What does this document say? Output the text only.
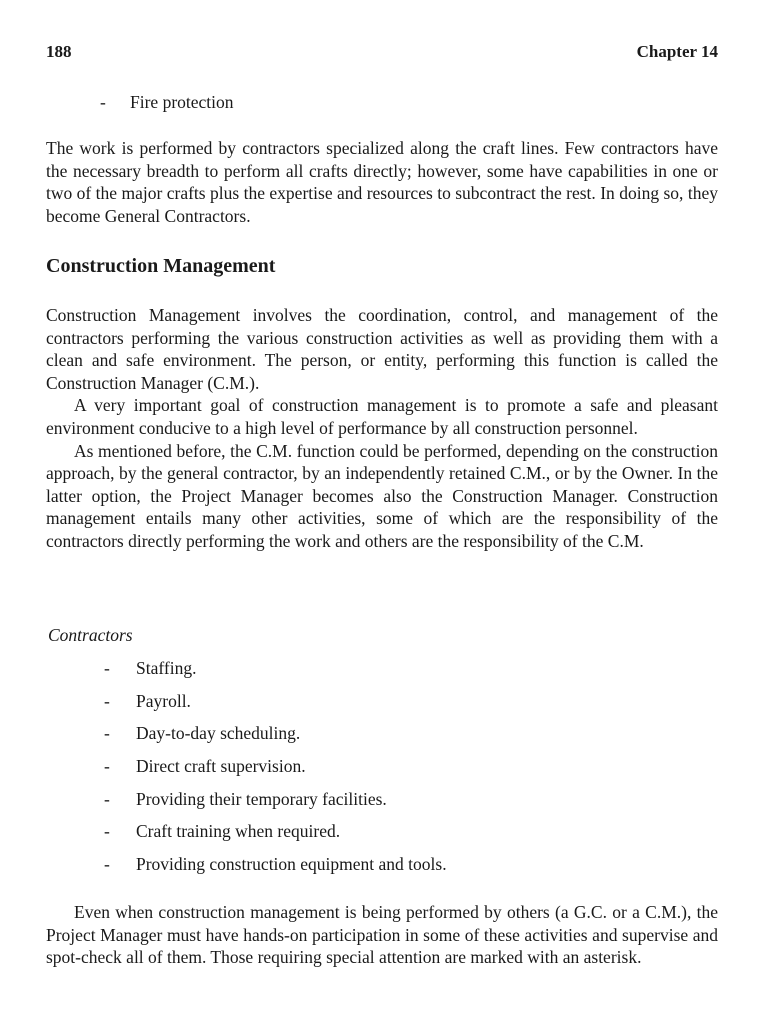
188	Chapter 14
- Fire protection
The work is performed by contractors specialized along the craft lines. Few contractors have the necessary breadth to perform all crafts directly; however, some have capabilities in one or two of the major crafts plus the expertise and resources to subcontract the rest. In doing so, they become General Contractors.
Construction Management
Construction Management involves the coordination, control, and management of the contractors performing the various construction activities as well as providing them with a clean and safe environment. The person, or entity, performing this function is called the Construction Manager (C.M.).
A very important goal of construction management is to promote a safe and pleasant environment conducive to a high level of performance by all construction personnel.
As mentioned before, the C.M. function could be performed, depending on the construction approach, by the general contractor, by an independently retained C.M., or by the Owner. In the latter option, the Project Manager becomes also the Construction Manager. Construction management entails many other activities, some of which are the responsibility of the contractors directly performing the work and others are the responsibility of the C.M.
Contractors
- Staffing.
- Payroll.
- Day-to-day scheduling.
- Direct craft supervision.
- Providing their temporary facilities.
- Craft training when required.
- Providing construction equipment and tools.
Even when construction management is being performed by others (a G.C. or a C.M.), the Project Manager must have hands-on participation in some of these activities and supervise and spot-check all of them. Those requiring special attention are marked with an asterisk.
